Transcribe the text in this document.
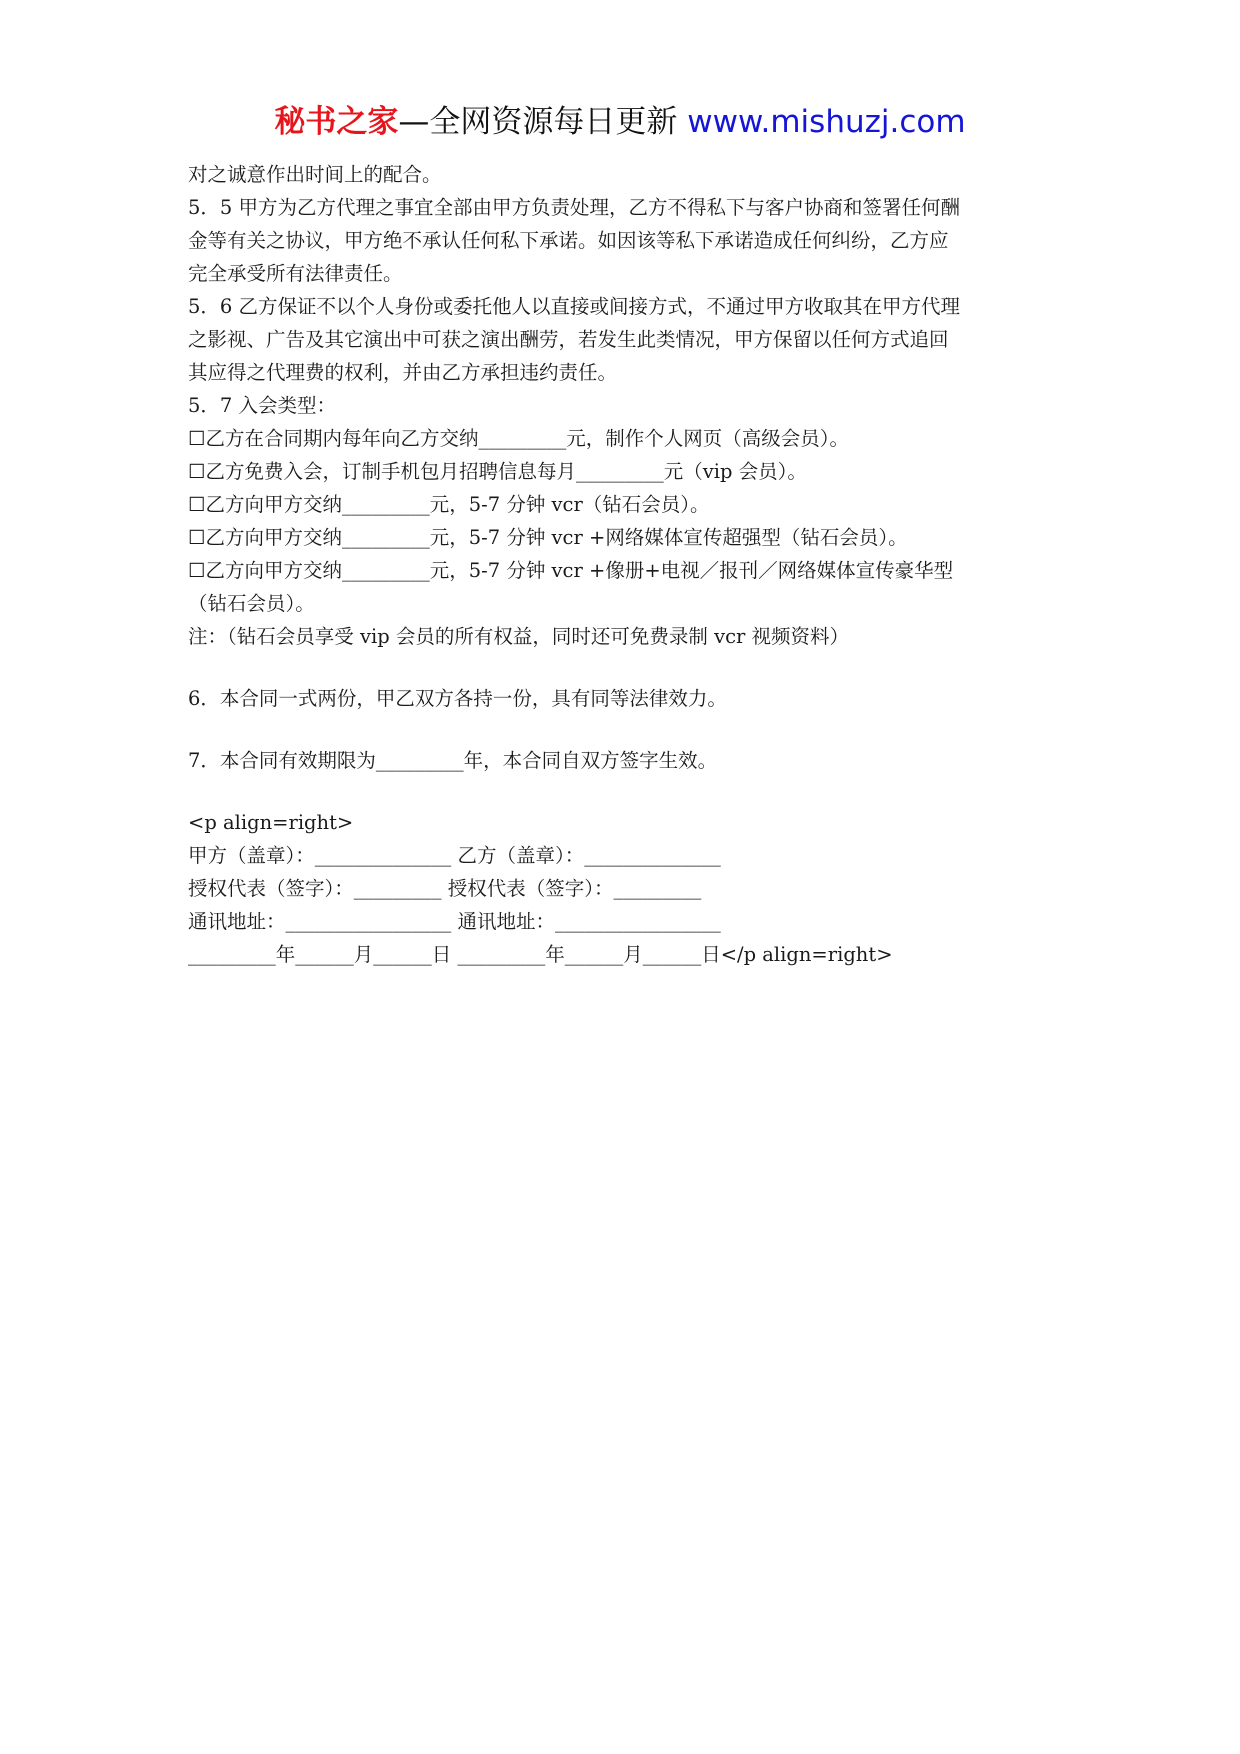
秘书之家—全网资源每日更新 www.mishuzj.com
对之诚意作出时间上的配合。
5．5 甲方为乙方代理之事宜全部由甲方负责处理，乙方不得私下与客户协商和签署任何酬
金等有关之协议，甲方绝不承认任何私下承诺。如因该等私下承诺造成任何纠纷，乙方应
完全承受所有法律责任。
5．6 乙方保证不以个人身份或委托他人以直接或间接方式，不通过甲方收取其在甲方代理
之影视、广告及其它演出中可获之演出酬劳，若发生此类情况，甲方保留以任何方式追回
其应得之代理费的权利，并由乙方承担违约责任。
5．7 入会类型：
☐乙方在合同期内每年向乙方交纳_________元，制作个人网页（高级会员）。
☐乙方免费入会，订制手机包月招聘信息每月_________元（vip 会员）。
☐乙方向甲方交纳_________元，5-7 分钟 vcr（钻石会员）。
☐乙方向甲方交纳_________元，5-7 分钟 vcr +网络媒体宣传超强型（钻石会员）。
☐乙方向甲方交纳_________元，5-7 分钟 vcr +像册+电视／报刊／网络媒体宣传豪华型
（钻石会员）。
注：（钻石会员享受 vip 会员的所有权益，同时还可免费录制 vcr 视频资料）
6．本合同一式两份，甲乙双方各持一份，具有同等法律效力。
7．本合同有效期限为_________年，本合同自双方签字生效。
<p align=right>
甲方（盖章）：______________ 乙方（盖章）：______________
授权代表（签字）：_________ 授权代表（签字）：_________
通讯地址：_________________ 通讯地址：_________________
_________年______月______日 _________年______月______日</p align=right>
